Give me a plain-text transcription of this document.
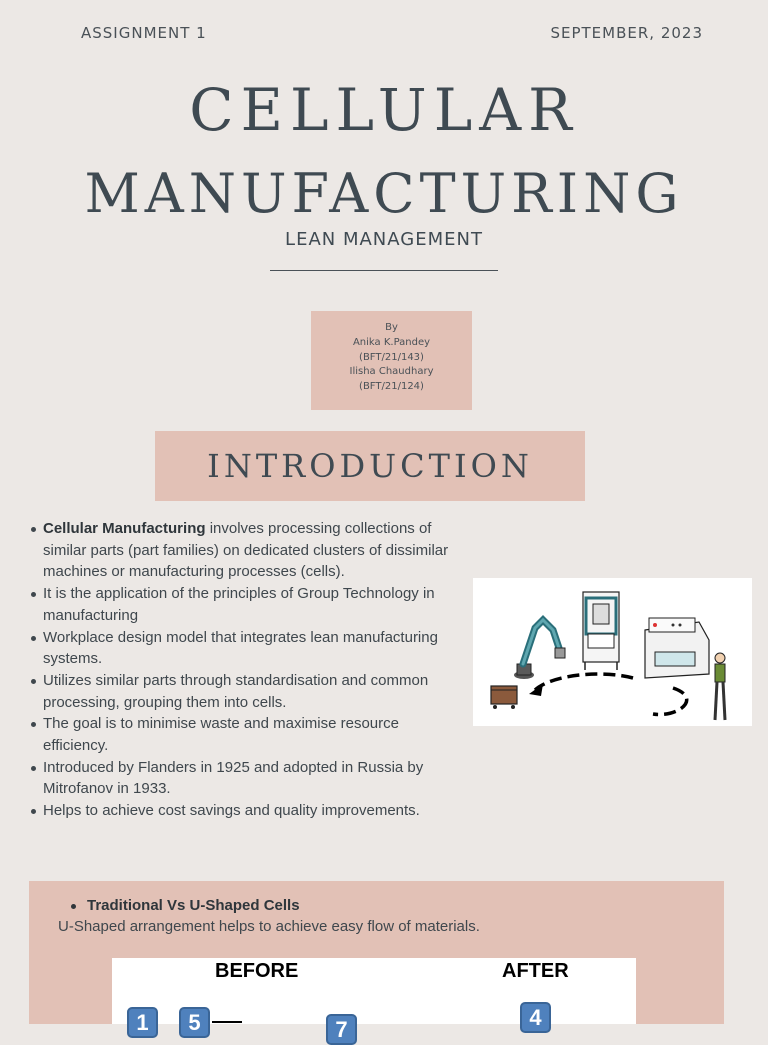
ASSIGNMENT 1	SEPTEMBER, 2023
CELLULAR
MANUFACTURING
LEAN MANAGEMENT
By
Anika K.Pandey
(BFT/21/143)
Ilisha Chaudhary
(BFT/21/124)
INTRODUCTION
Cellular Manufacturing involves processing collections of similar parts (part families) on dedicated clusters of dissimilar machines or manufacturing processes (cells).
It is the application of the principles of Group Technology in manufacturing
Workplace design model that integrates lean manufacturing systems.
Utilizes similar parts through standardisation and common processing, grouping them into cells.
The goal is to minimise waste and maximise resource efficiency.
Introduced by Flanders in 1925 and adopted in Russia by Mitrofanov in 1933.
Helps to achieve cost savings and quality improvements.
Traditional Vs U-Shaped Cells
U-Shaped arrangement helps to achieve easy flow of materials.
BEFORE	AFTER
1	5	7	4
